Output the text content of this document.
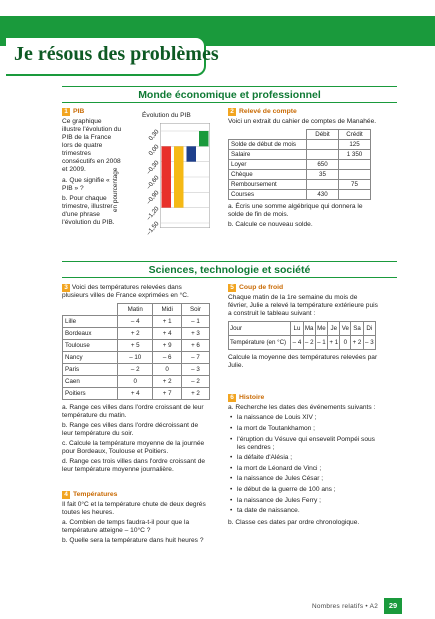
Je résous des problèmes
Monde économique et professionnel
1 PIB

Ce graphique illustre l'évolution du PIB de la France lors de quatre trimestres consécutifs en 2008 et 2009.

a. Que signifie « PIB » ?

b. Pour chaque trimestre, illustrer d'une phrase l'évolution du PIB.

Évolution du PIB
en pourcentage
0,30
0,00
–0,30
–0,60
–0,90
–1,20
–1,50
2 Relevé de compte

Voici un extrait du cahier de comptes de Manahée.

	Débit	Crédit
Solde de début de mois		125
Salaire		1 350
Loyer	650	
Chèque	35	
Remboursement		75
Courses	430	

a. Écris une somme algébrique qui donnera le solde de fin de mois.

b. Calcule ce nouveau solde.

Sciences, technologie et société

3 Voici des températures relevées dans plusieurs villes de France exprimées en °C.

	Matin	Midi	Soir
Lille	– 4	+ 1	– 1
Bordeaux	+ 2	+ 4	+ 3
Toulouse	+ 5	+ 9	+ 6
Nancy	– 10	– 6	– 7
Paris	– 2	0	– 3
Caen	0	+ 2	– 2
Poitiers	+ 4	+ 7	+ 2

a. Range ces villes dans l'ordre croissant de leur température du matin.

b. Range ces villes dans l'ordre décroissant de leur température du soir.

c. Calcule la température moyenne de la journée pour Bordeaux, Toulouse et Poitiers.

d. Range ces trois villes dans l'ordre croissant de leur température moyenne journalière.

4 Températures

Il fait 0°C et la température chute de deux degrés toutes les heures.

a. Combien de temps faudra-t-il pour que la température atteigne – 10°C ?

b. Quelle sera la température dans huit heures ?

5 Coup de froid

Chaque matin de la 1re semaine du mois de février, Julie a relevé la température extérieure puis a construit le tableau suivant :

Jour	Lu	Ma	Me	Je	Ve	Sa	Di
Température (en °C)	– 4	– 2	– 1	+ 1	0	+ 2	– 3

Calcule la moyenne des températures relevées par Julie.

6 Histoire

a. Recherche les dates des événements suivants :

• la naissance de Louis XIV ;
• la mort de Toutankhamon ;
• l'éruption du Vésuve qui ensevelit Pompéi sous les cendres ;
• la défaite d'Alésia ;
• la mort de Léonard de Vinci ;
• la naissance de Jules César ;
• le début de la guerre de 100 ans ;
• la naissance de Jules Ferry ;
• ta date de naissance.

b. Classe ces dates par ordre chronologique.

Nombres relatifs • A2	29
